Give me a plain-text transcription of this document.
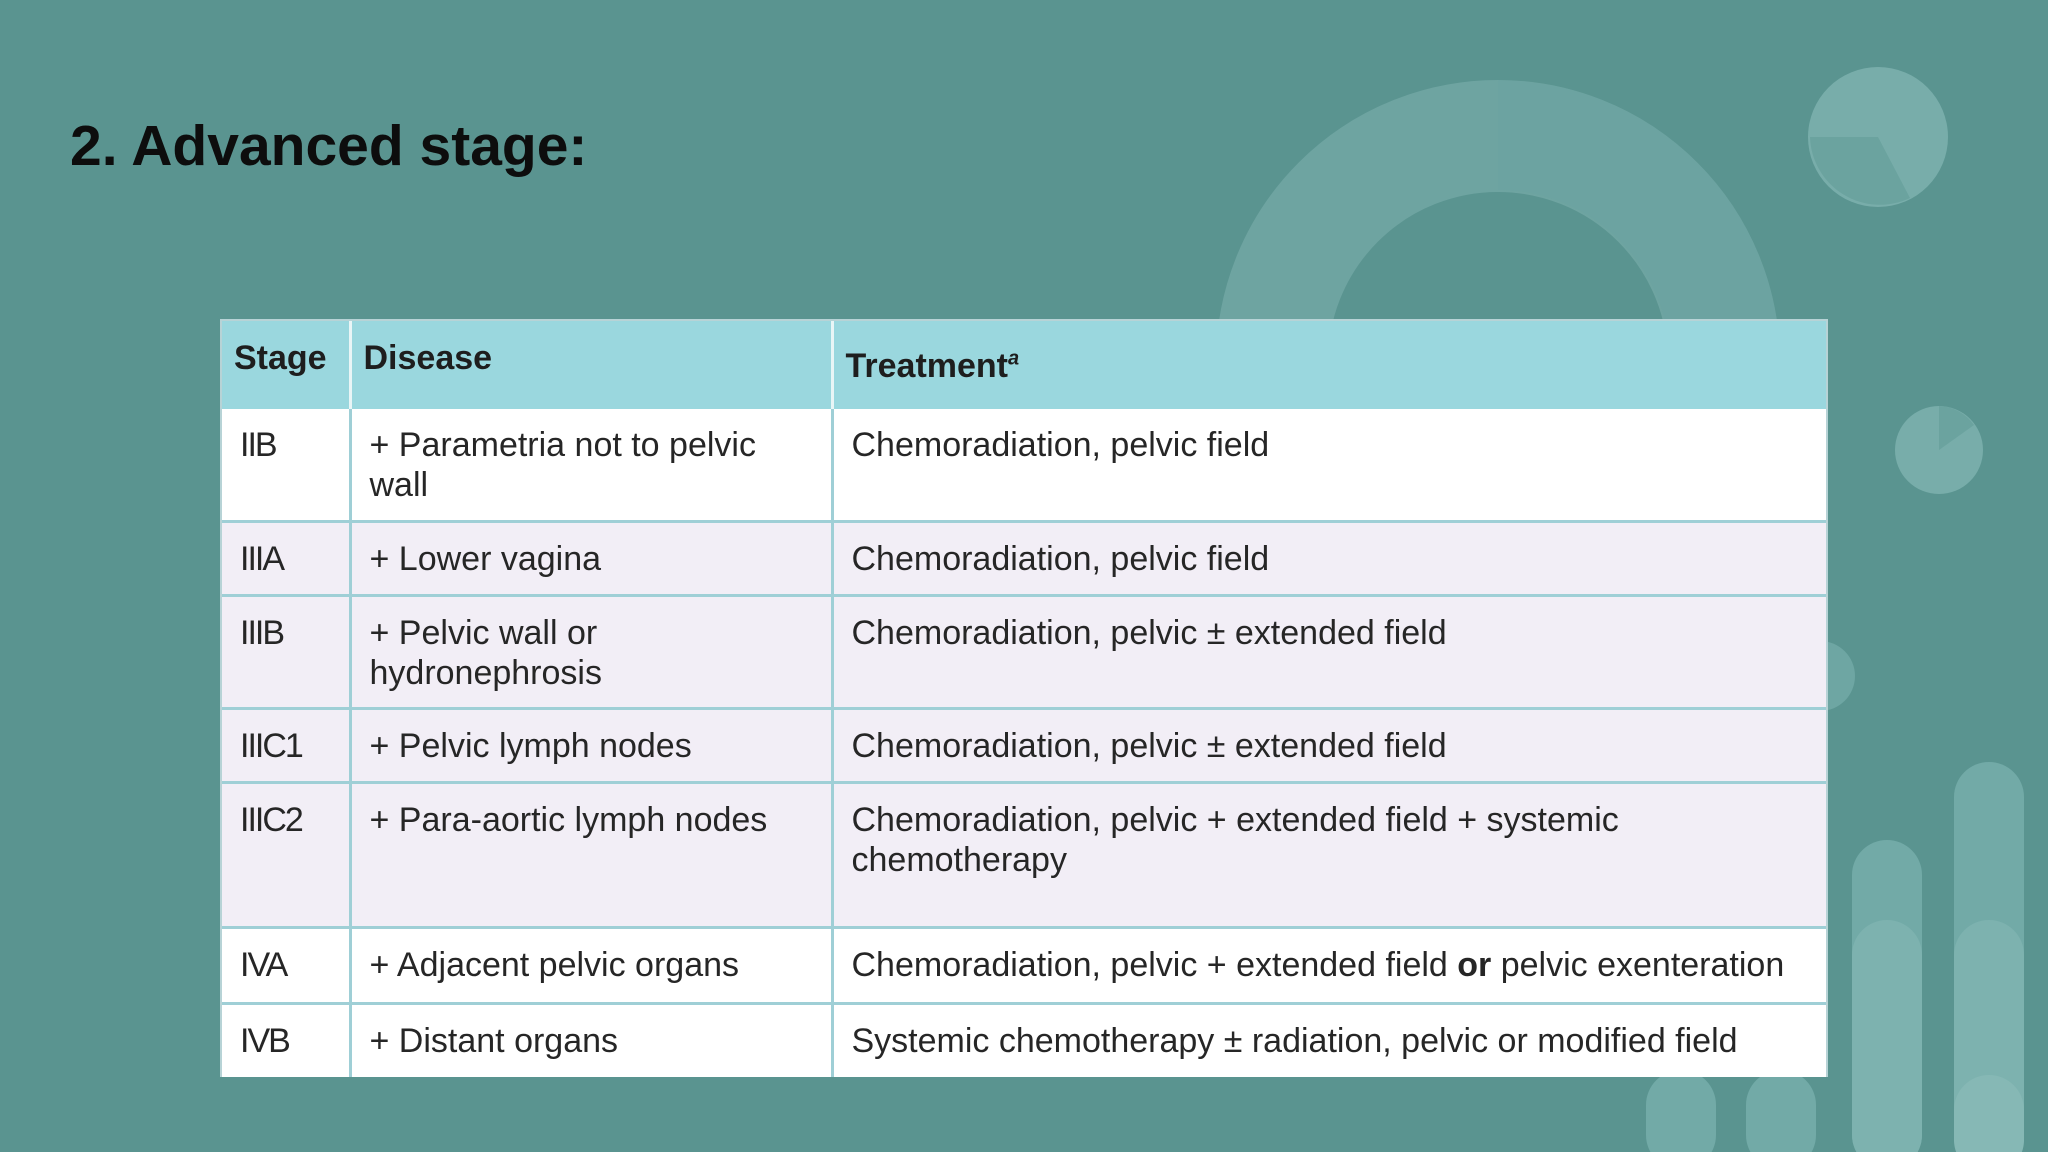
2. Advanced stage:
Stage	Disease	Treatment$^a$
IIB	+ Parametria not to pelvic wall	Chemoradiation, pelvic field
IIIA	+ Lower vagina	Chemoradiation, pelvic field
IIIB	+ Pelvic wall or hydronephrosis	Chemoradiation, pelvic ± extended field
IIIC1	+ Pelvic lymph nodes	Chemoradiation, pelvic ± extended field
IIIC2	+ Para-aortic lymph nodes	Chemoradiation, pelvic + extended field + systemic chemotherapy
IVA	+ Adjacent pelvic organs	Chemoradiation, pelvic + extended field or pelvic exenteration
IVB	+ Distant organs	Systemic chemotherapy ± radiation, pelvic or modified field
